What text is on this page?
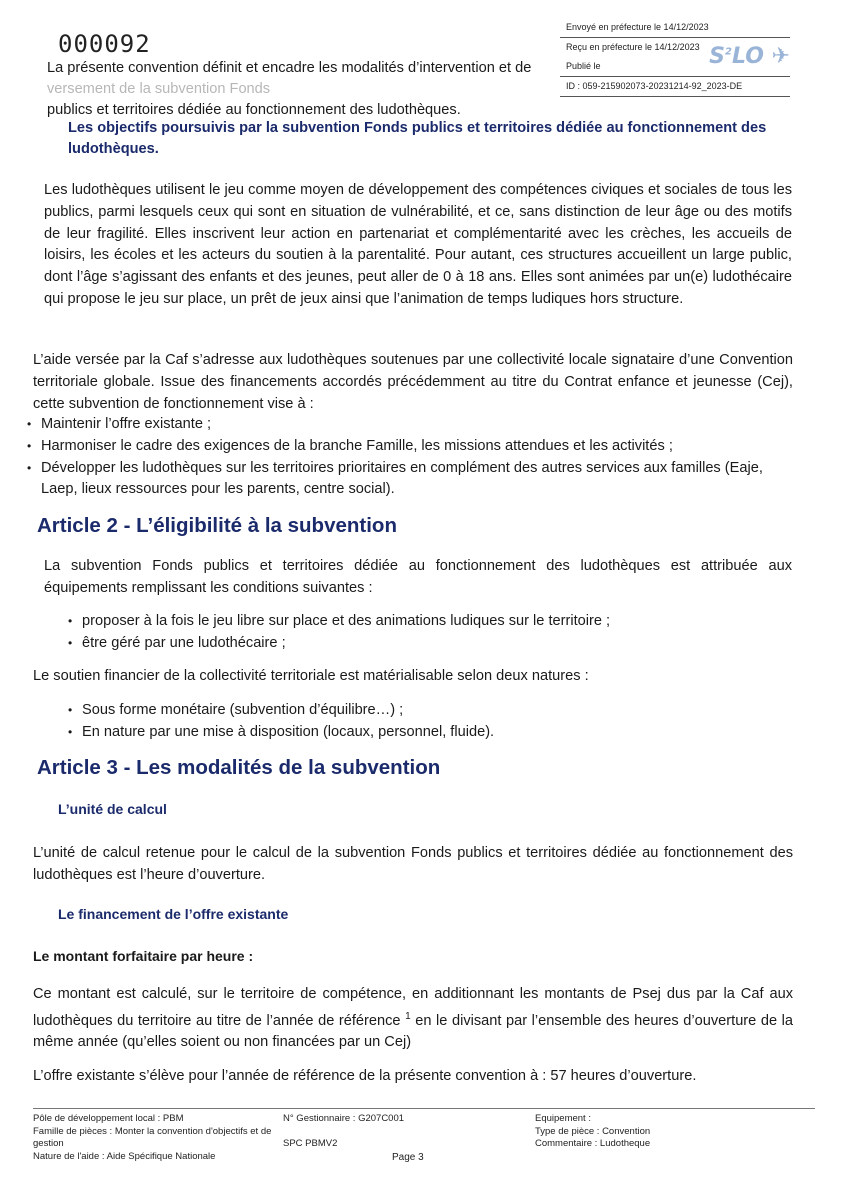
000092
La présente convention définit et encadre les modalités d’intervention et de versement de la subvention Fonds
publics et territoires dédiée au fonctionnement des ludothèques.
Envoyé en préfecture le 14/12/2023
Reçu en préfecture le 14/12/2023
Publié le
ID : 059-215902073-20231214-92_2023-DE
$S^2LO$ ✈
Les objectifs poursuivis par la subvention Fonds publics et territoires dédiée au fonctionnement des ludothèques.
Les ludothèques utilisent le jeu comme moyen de développement des compétences civiques et sociales de tous les publics, parmi lesquels ceux qui sont en situation de vulnérabilité, et ce, sans distinction de leur âge ou des motifs de leur fragilité. Elles inscrivent leur action en partenariat et complémentarité avec les crèches, les accueils de loisirs, les écoles et les acteurs du soutien à la parentalité. Pour autant, ces structures accueillent un large public, dont l’âge s’agissant des enfants et des jeunes, peut aller de 0 à 18 ans. Elles sont animées par un(e) ludothécaire qui propose le jeu sur place, un prêt de jeux ainsi que l’animation de temps ludiques hors structure.
L’aide versée par la Caf s’adresse aux ludothèques soutenues par une collectivité locale signataire d’une Convention territoriale globale. Issue des financements accordés précédemment au titre du Contrat enfance et jeunesse (Cej), cette subvention de fonctionnement vise à :
• Maintenir l’offre existante ;
• Harmoniser le cadre des exigences de la branche Famille, les missions attendues et les activités ;
• Développer les ludothèques sur les territoires prioritaires en complément des autres services aux familles (Eaje, Laep, lieux ressources pour les parents, centre social).
Article 2 - L’éligibilité à la subvention
La subvention Fonds publics et territoires dédiée au fonctionnement des ludothèques est attribuée aux équipements remplissant les conditions suivantes :
• proposer à la fois le jeu libre sur place et des animations ludiques sur le territoire ;
• être géré par une ludothécaire ;
Le soutien financier de la collectivité territoriale est matérialisable selon deux natures :
• Sous forme monétaire (subvention d’équilibre…) ;
• En nature par une mise à disposition (locaux, personnel, fluide).
Article 3 - Les modalités de la subvention
L’unité de calcul
L’unité de calcul retenue pour le calcul de la subvention Fonds publics et territoires dédiée au fonctionnement des ludothèques est l’heure d’ouverture.
Le financement de l’offre existante
Le montant forfaitaire par heure :
Ce montant est calculé, sur le territoire de compétence, en additionnant les montants de Psej dus par la Caf aux ludothèques du territoire au titre de l’année de référence $^1$ en le divisant par l’ensemble des heures d’ouverture de la même année (qu’elles soient ou non financées par un Cej)
L’offre existante s’élève pour l’année de référence de la présente convention à : 57 heures d’ouverture.
Pôle de développement local : PBM
Famille de pièces : Monter la convention d'objectifs et de gestion
Nature de l'aide : Aide Spécifique Nationale
N° Gestionnaire : G207C001
SPC PBMV2
Equipement :
Type de pièce : Convention
Commentaire : Ludotheque
Page 3
